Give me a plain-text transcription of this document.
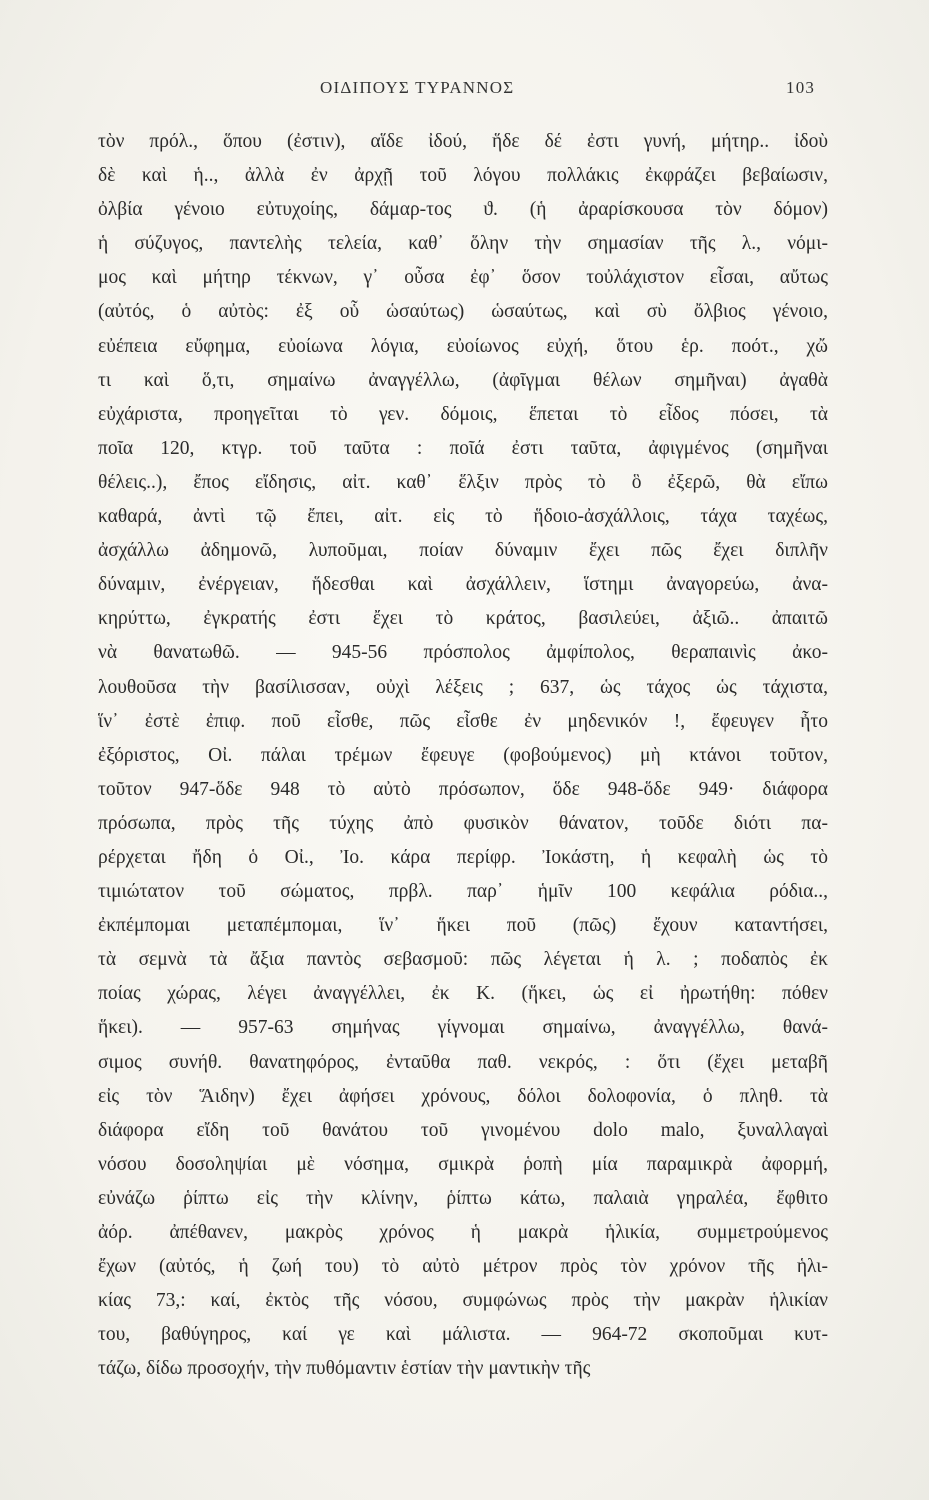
ΟΙΔΙΠΟΥΣ ΤΥΡΑΝΝΟΣ	103
τὸν πρόλ., ὅπου (ἐστιν), αἵδε ἰδού, ἥδε δέ ἐστι γυνή, μήτηρ.. ἰδοὺ
δὲ καὶ ἡ.., ἀλλὰ ἐν ἀρχῇ τοῦ λόγου πολλάκις ἐκφράζει βεβαίωσιν,
ὀλβία γένοιο εὐτυχοίης, δάμαρ-τος ϑ. (ἡ ἀραρίσκουσα τὸν δόμον)
ἡ σύζυγος, παντελὴς τελεία, καθ᾽ ὅλην τὴν σημασίαν τῆς λ., νόμι-
μος καὶ μήτηρ τέκνων, γ᾽ οὖσα ἐφ᾽ ὅσον τοὐλάχιστον εἶσαι, αὔτως
(αὐτός, ὁ αὐτὸς: ἐξ οὗ ὡσαύτως) ὡσαύτως, καὶ σὺ ὄλβιος γένοιο,
εὐέπεια εὔφημα, εὐοίωνα λόγια, εὐοίωνος εὐχή, ὅτου ἑρ. ποότ., χὤ
τι καὶ ὅ,τι, σημαίνω ἀναγγέλλω, (ἀφῖγμαι θέλων σημῆναι) ἀγαθὰ
εὐχάριστα, προηγεῖται τὸ γεν. δόμοις, ἕπεται τὸ εἶδος πόσει, τὰ
ποῖα 120, κτγρ. τοῦ ταῦτα : ποῖά ἐστι ταῦτα, ἀφιγμένος (σημῆναι
θέλεις..), ἔπος εἴδησις, αἰτ. καθ᾽ ἕλξιν πρὸς τὸ ὃ ἐξερῶ, θὰ εἴπω
καθαρά, ἀντὶ τῷ ἔπει, αἰτ. εἰς τὸ ἥδοιο-ἀσχάλλοις, τάχα ταχέως,
ἀσχάλλω ἀδημονῶ, λυποῦμαι, ποίαν δύναμιν ἔχει πῶς ἔχει διπλῆν
δύναμιν, ἐνέργειαν, ἥδεσθαι καὶ ἀσχάλλειν, ἵστημι ἀναγορεύω, ἀνα-
κηρύττω, ἐγκρατής ἐστι ἔχει τὸ κράτος, βασιλεύει, ἀξιῶ.. ἀπαιτῶ
νὰ θανατωθῶ. — 945-56 πρόσπολος ἀμφίπολος, θεραπαινὶς ἀκο-
λουθοῦσα τὴν βασίλισσαν, οὐχὶ λέξεις ; 637, ὡς τάχος ὡς τάχιστα,
ἵν᾽ ἐστὲ ἐπιφ. ποῦ εἶσθε, πῶς εἶσθε ἐν μηδενικόν !, ἔφευγεν ἦτο
ἐξόριστος, Οἰ. πάλαι τρέμων ἔφευγε (φοβούμενος) μὴ κτάνοι τοῦτον,
τοῦτον 947-ὅδε 948 τὸ αὐτὸ πρόσωπον, ὅδε 948-ὅδε 949· διάφορα
πρόσωπα, πρὸς τῆς τύχης ἀπὸ φυσικὸν θάνατον, τοῦδε διότι πα-
ρέρχεται ἤδη ὁ Οἰ., Ἰο. κάρα περίφρ. Ἰοκάστη, ἡ κεφαλὴ ὡς τὸ
τιμιώτατον τοῦ σώματος, πρβλ. παρ᾽ ἡμῖν 100 κεφάλια ρόδια..,
ἐκπέμπομαι μεταπέμπομαι, ἵν᾽ ἥκει ποῦ (πῶς) ἔχουν καταντήσει,
τὰ σεμνὰ τὰ ἄξια παντὸς σεβασμοῦ: πῶς λέγεται ἡ λ. ; ποδαπὸς ἐκ
ποίας χώρας, λέγει ἀναγγέλλει, ἐκ Κ. (ἥκει, ὡς εἰ ἠρωτήθη: πόθεν
ἥκει). — 957-63 σημήνας γίγνομαι σημαίνω, ἀναγγέλλω, θανά-
σιμος συνήθ. θανατηφόρος, ἐνταῦθα παθ. νεκρός, : ὅτι (ἔχει μεταβῆ
εἰς τὸν Ἅιδην) ἔχει ἀφήσει χρόνους, δόλοι δολοφονία, ὁ πληθ. τὰ
διάφορα εἴδη τοῦ θανάτου τοῦ γινομένου dolo malo, ξυναλλαγαὶ
νόσου δοσοληψίαι μὲ νόσημα, σμικρὰ ῥοπὴ μία παραμικρὰ ἀφορμή,
εὐνάζω ῥίπτω εἰς τὴν κλίνην, ῥίπτω κάτω, παλαιὰ γηραλέα, ἔφθιτο
ἀόρ. ἀπέθανεν, μακρὸς χρόνος ἡ μακρὰ ἡλικία, συμμετρούμενος
ἔχων (αὐτός, ἡ ζωή του) τὸ αὐτὸ μέτρον πρὸς τὸν χρόνον τῆς ἡλι-
κίας 73,: καί, ἐκτὸς τῆς νόσου, συμφώνως πρὸς τὴν μακρὰν ἡλικίαν
του, βαθύγηρος, καί γε καὶ μάλιστα. — 964-72 σκοποῦμαι κυτ-
τάζω, δίδω προσοχήν, τὴν πυθόμαντιν ἑστίαν τὴν μαντικὴν τῆς
